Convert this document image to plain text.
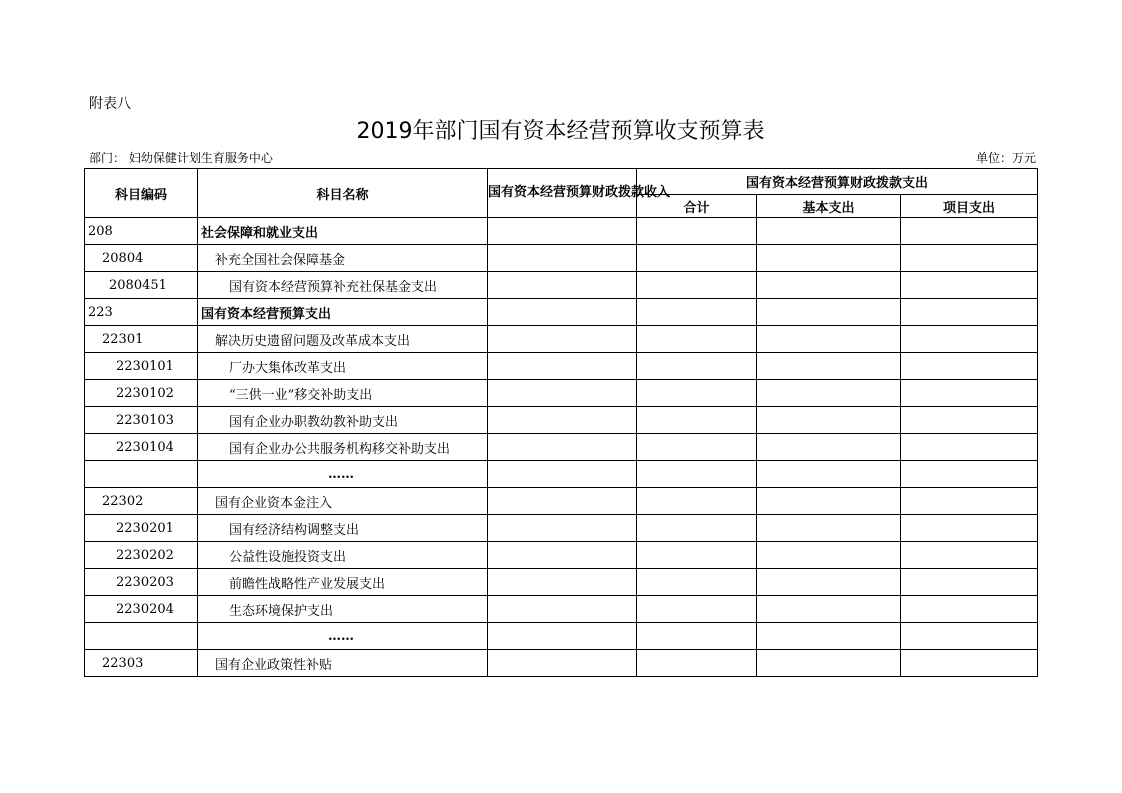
附表八
2019年部门国有资本经营预算收支预算表
部门： 妇幼保健计划生育服务中心	单位：万元
科目编码	科目名称	国有资本经营预算财政拨款收入	国有资本经营预算财政拨款支出		
			合计	基本支出	项目支出
208	社会保障和就业支出				
20804	补充全国社会保障基金				
2080451	国有资本经营预算补充社保基金支出				
223	国有资本经营预算支出				
22301	解决历史遗留问题及改革成本支出				
2230101	厂办大集体改革支出				
2230102	“三供一业”移交补助支出				
2230103	国有企业办职教幼教补助支出				
2230104	国有企业办公共服务机构移交补助支出				
	……				
22302	国有企业资本金注入				
2230201	国有经济结构调整支出				
2230202	公益性设施投资支出				
2230203	前瞻性战略性产业发展支出				
2230204	生态环境保护支出				
	……				
22303	国有企业政策性补贴				
